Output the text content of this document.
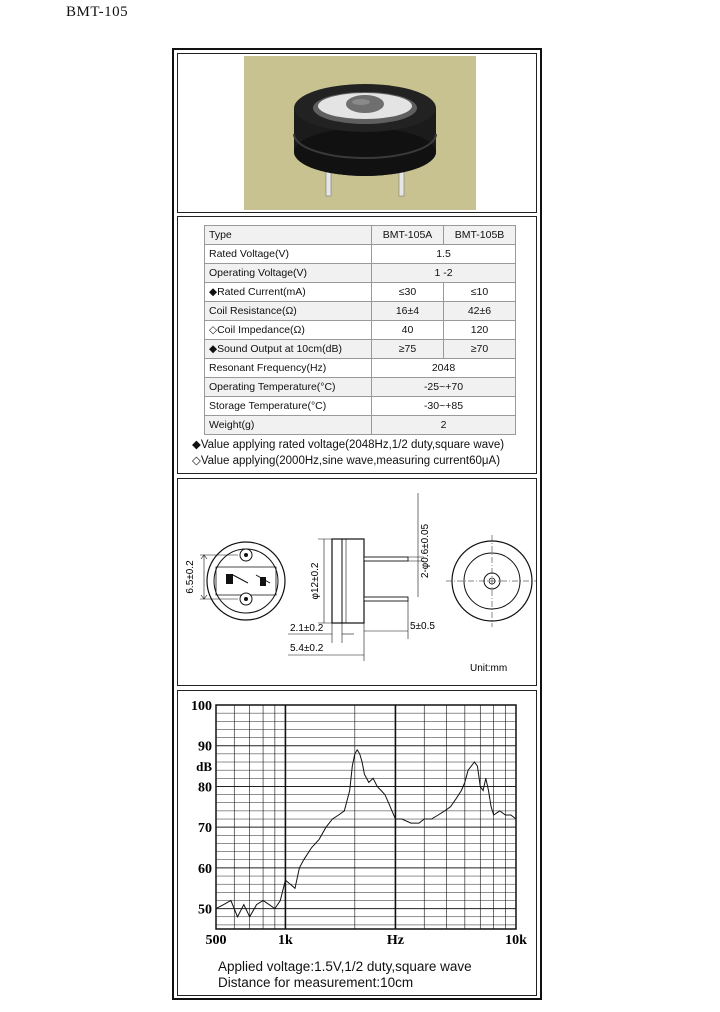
BMT-105
Type	BMT-105A	BMT-105B
Rated Voltage(V)	1.5	
Operating Voltage(V)	1 -2	
◆Rated Current(mA)	≤30	≤10
Coil Resistance(Ω)	16±4	42±6
◇Coil Impedance(Ω)	40	120
◆Sound Output at 10cm(dB)	≥75	≥70
Resonant Frequency(Hz)	2048	
Operating Temperature(°C)	-25~+70	
Storage Temperature(°C)	-30~+85	
Weight(g)	2	
◆Value applying rated voltage(2048Hz,1/2 duty,square wave)
◇Value applying(2000Hz,sine wave,measuring current60μA)
6.5±0.2	φ12±0.2
2-φ0.6±0.05
5±0.5
2.1±0.2
5.4±0.2
Unit:mm
100
90
80
70
60
50
dB
500	1k	Hz	10k
Applied voltage:1.5V,1/2 duty,square wave
Distance for measurement:10cm
